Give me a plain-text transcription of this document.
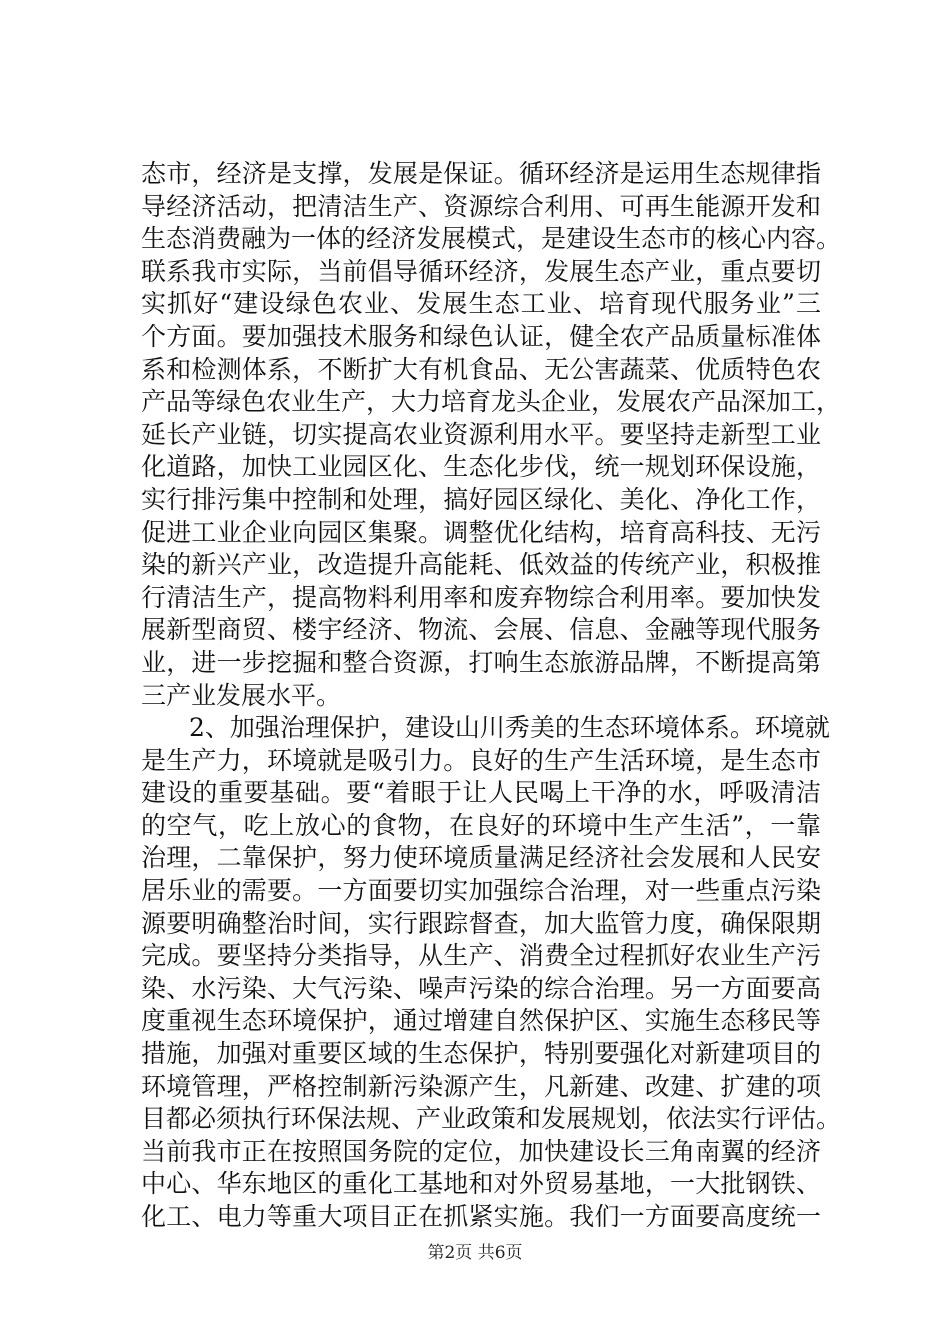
态市，经济是支撑，发展是保证。循环经济是运用生态规律指
导经济活动，把清洁生产、资源综合利用、可再生能源开发和
生态消费融为一体的经济发展模式，是建设生态市的核心内容。
联系我市实际，当前倡导循环经济，发展生态产业，重点要切
实抓好“建设绿色农业、发展生态工业、培育现代服务业”三
个方面。要加强技术服务和绿色认证，健全农产品质量标准体
系和检测体系，不断扩大有机食品、无公害蔬菜、优质特色农
产品等绿色农业生产，大力培育龙头企业，发展农产品深加工，
延长产业链，切实提高农业资源利用水平。要坚持走新型工业
化道路，加快工业园区化、生态化步伐，统一规划环保设施，
实行排污集中控制和处理，搞好园区绿化、美化、净化工作，
促进工业企业向园区集聚。调整优化结构，培育高科技、无污
染的新兴产业，改造提升高能耗、低效益的传统产业，积极推
行清洁生产，提高物料利用率和废弃物综合利用率。要加快发
展新型商贸、楼宇经济、物流、会展、信息、金融等现代服务
业，进一步挖掘和整合资源，打响生态旅游品牌，不断提高第
三产业发展水平。
2、加强治理保护，建设山川秀美的生态环境体系。环境就
是生产力，环境就是吸引力。良好的生产生活环境，是生态市
建设的重要基础。要“着眼于让人民喝上干净的水，呼吸清洁
的空气，吃上放心的食物，在良好的环境中生产生活”，一靠
治理，二靠保护，努力使环境质量满足经济社会发展和人民安
居乐业的需要。一方面要切实加强综合治理，对一些重点污染
源要明确整治时间，实行跟踪督查，加大监管力度，确保限期
完成。要坚持分类指导，从生产、消费全过程抓好农业生产污
染、水污染、大气污染、噪声污染的综合治理。另一方面要高
度重视生态环境保护，通过增建自然保护区、实施生态移民等
措施，加强对重要区域的生态保护，特别要强化对新建项目的
环境管理，严格控制新污染源产生，凡新建、改建、扩建的项
目都必须执行环保法规、产业政策和发展规划，依法实行评估。
当前我市正在按照国务院的定位，加快建设长三角南翼的经济
中心、华东地区的重化工基地和对外贸易基地，一大批钢铁、
化工、电力等重大项目正在抓紧实施。我们一方面要高度统一
第2页 共6页
